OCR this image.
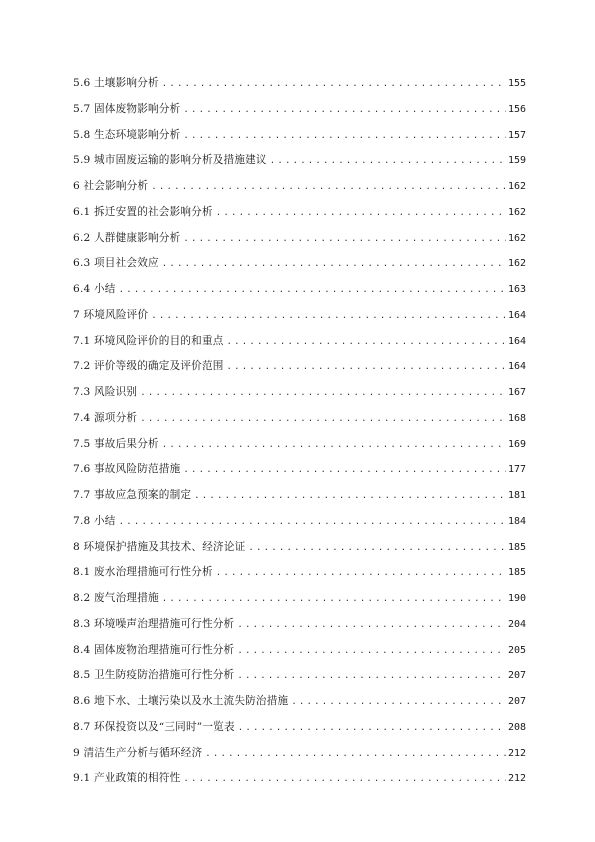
5.6 土壤影响分析 .....	155
5.7 固体废物影响分析 .....	156
5.8 生态环境影响分析 .....	157
5.9 城市固废运输的影响分析及措施建议 .....	159
6 社会影响分析 .....	162
6.1 拆迁安置的社会影响分析 .....	162
6.2 人群健康影响分析 .....	162
6.3 项目社会效应 .....	162
6.4 小结 .....	163
7 环境风险评价 .....	164
7.1 环境风险评价的目的和重点 .....	164
7.2 评价等级的确定及评价范围 .....	164
7.3 风险识别 .....	167
7.4 源项分析 .....	168
7.5 事故后果分析 .....	169
7.6 事故风险防范措施 .....	177
7.7 事故应急预案的制定 .....	181
7.8 小结 .....	184
8 环境保护措施及其技术、经济论证 .....	185
8.1 废水治理措施可行性分析 .....	185
8.2 废气治理措施 .....	190
8.3 环境噪声治理措施可行性分析 .....	204
8.4 固体废物治理措施可行性分析 .....	205
8.5 卫生防疫防治措施可行性分析 .....	207
8.6 地下水、土壤污染以及水土流失防治措施 .....	207
8.7 环保投资以及“三同时”一览表 .....	208
9 清洁生产分析与循环经济 .....	212
9.1 产业政策的相符性 .....	212
